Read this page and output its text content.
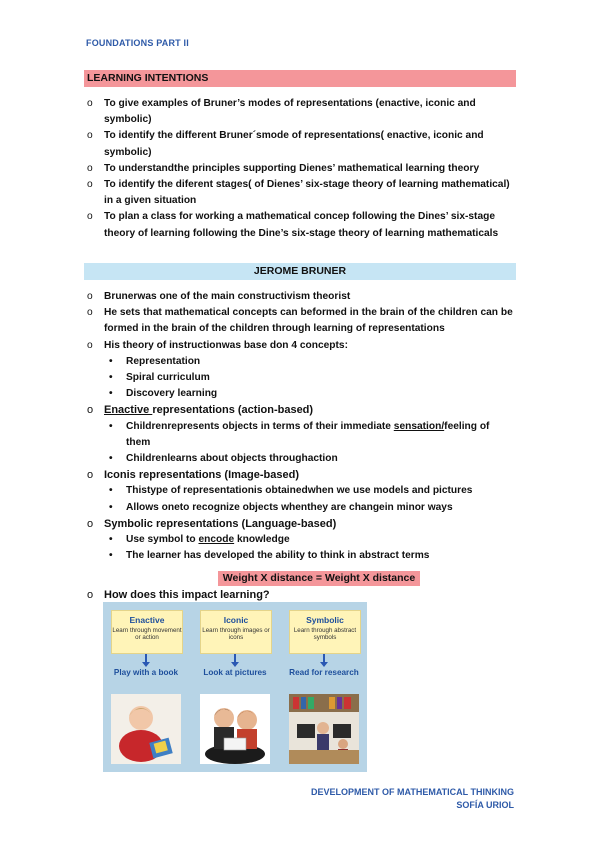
FOUNDATIONS PART II
LEARNING INTENTIONS
o To give examples of Bruner’s modes of representations (enactive, iconic and symbolic)
o To identify the different Bruner´smode of representations( enactive, iconic and symbolic)
o To understandthe principles supporting Dienes’ mathematical learning theory
o To identify the diferent stages( of Dienes’ six-stage theory of learning mathematical) in a given situation
o To plan a class for working a mathematical concep following the Dines’ six-stage theory of learning following the Dine’s six-stage theory of learning mathematicals
JEROME BRUNER
o Brunerwas one of the main constructivism theorist
o He sets that mathematical concepts can beformed in the brain of the children can be formed in the brain of the children through learning of representations
o His theory of instructionwas base don 4 concepts:
• Representation
• Spiral curriculum
• Discovery learning
o Enactive representations (action-based)
• Childrenrepresents objects in terms of their immediate sensation/feeling of them
• Childrenlearns about objects throughaction
o Iconis representations (Image-based)
• Thistype of representationis obtainedwhen we use models and pictures
• Allows oneto recognize objects whenthey are changein minor ways
o Symbolic representations (Language-based)
• Use symbol to encode knowledge
• The learner has developed the ability to think in abstract terms
Weight X distance = Weight X distance
o How does this impact learning?
Enactive
Learn through movement or action
Play with a book
Iconic
Learn through images or icons
Look at pictures
Symbolic
Learn through abstract symbols
Read for research
DEVELOPMENT OF MATHEMATICAL THINKING
SOFÍA URIOL
